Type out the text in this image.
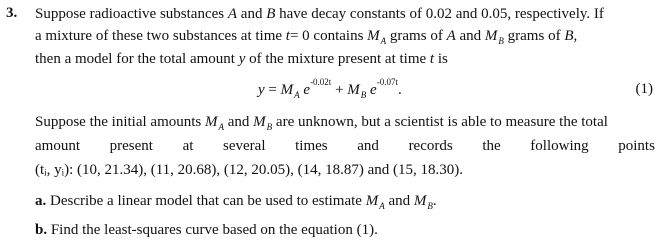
3. Suppose radioactive substances A and B have decay constants of 0.02 and 0.05, respectively. If
a mixture of these two substances at time t= 0 contains $M_A$ grams of A and $M_B$ grams of B,
then a model for the total amount y of the mixture present at time t is
$y = M_A$ $e^{-0.02t} + M_B$ $e^{-0.07t}$.	(1)
Suppose the initial amounts $M_A$ and $M_B$ are unknown, but a scientist is able to measure the total
amount present at several times and records the following points
(tᵢ, yᵢ): (10, 21.34), (11, 20.68), (12, 20.05), (14, 18.87) and (15, 18.30).
a. Describe a linear model that can be used to estimate $M_A$ and $M_B$.
b. Find the least-squares curve based on the equation (1).
